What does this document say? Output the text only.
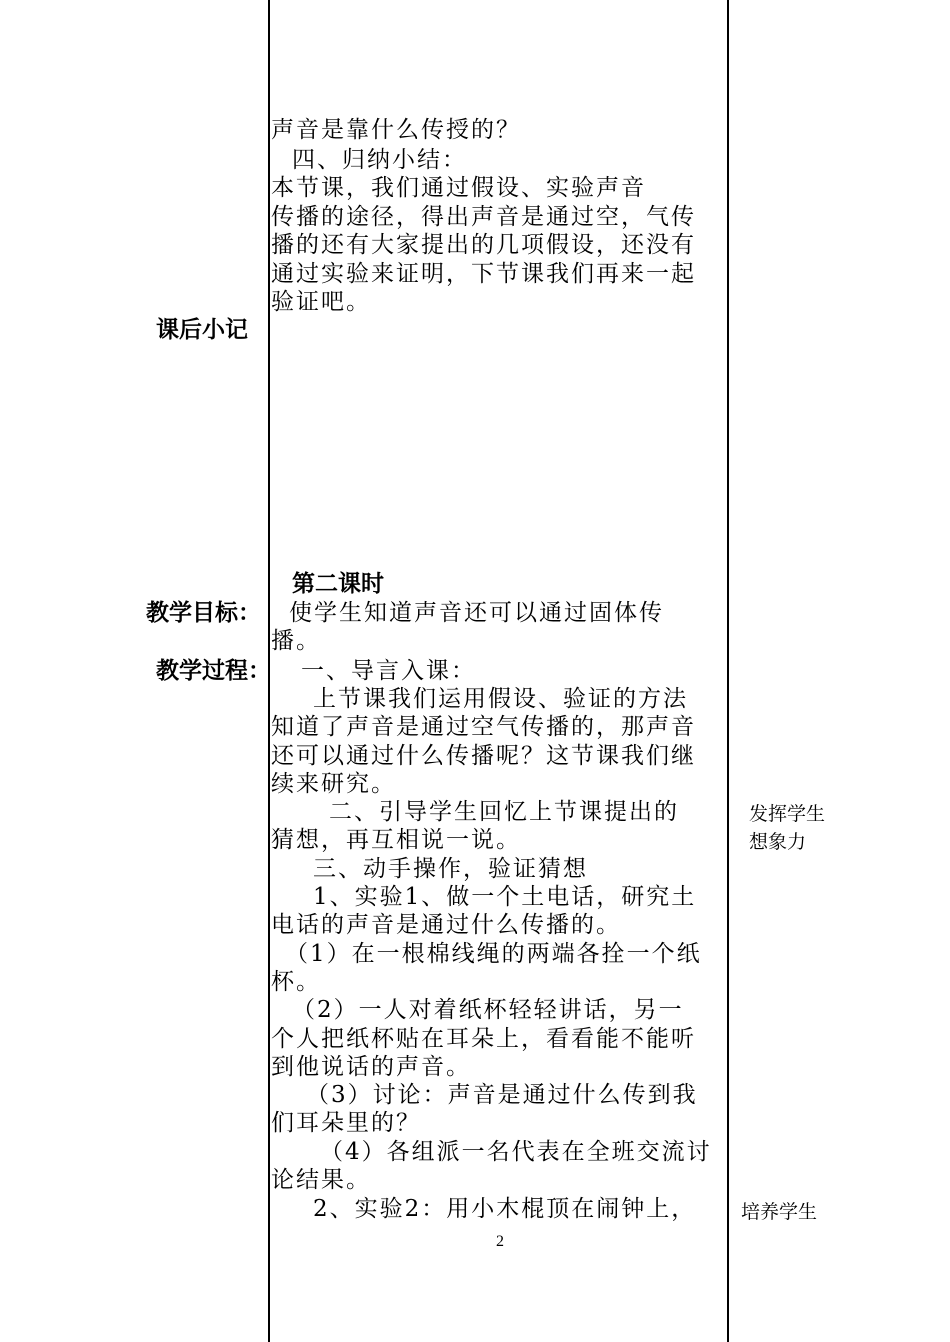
声音是靠什么传授的？
四、归纳小结：
本节课，我们通过假设、实验声音
传播的途径，得出声音是通过空，气传
播的还有大家提出的几项假设，还没有
通过实验来证明，下节课我们再来一起
验证吧。
课后小记
第二课时
教学目标： 使学生知道声音还可以通过固体传
播。
教学过程： 一、导言入课：
上节课我们运用假设、验证的方法
知道了声音是通过空气传播的，那声音
还可以通过什么传播呢？这节课我们继
续来研究。
二、引导学生回忆上节课提出的
猜想，再互相说一说。
三、动手操作，验证猜想
1、实验1、做一个土电话，研究土
电话的声音是通过什么传播的。
（1）在一根棉线绳的两端各拴一个纸
杯。
（2）一人对着纸杯轻轻讲话，另一
个人把纸杯贴在耳朵上，看看能不能听
到他说话的声音。
（3）讨论：声音是通过什么传到我
们耳朵里的？
（4）各组派一名代表在全班交流讨
论结果。
2、实验2：用小木棍顶在闹钟上，
发挥学生
想象力
培养学生
2
